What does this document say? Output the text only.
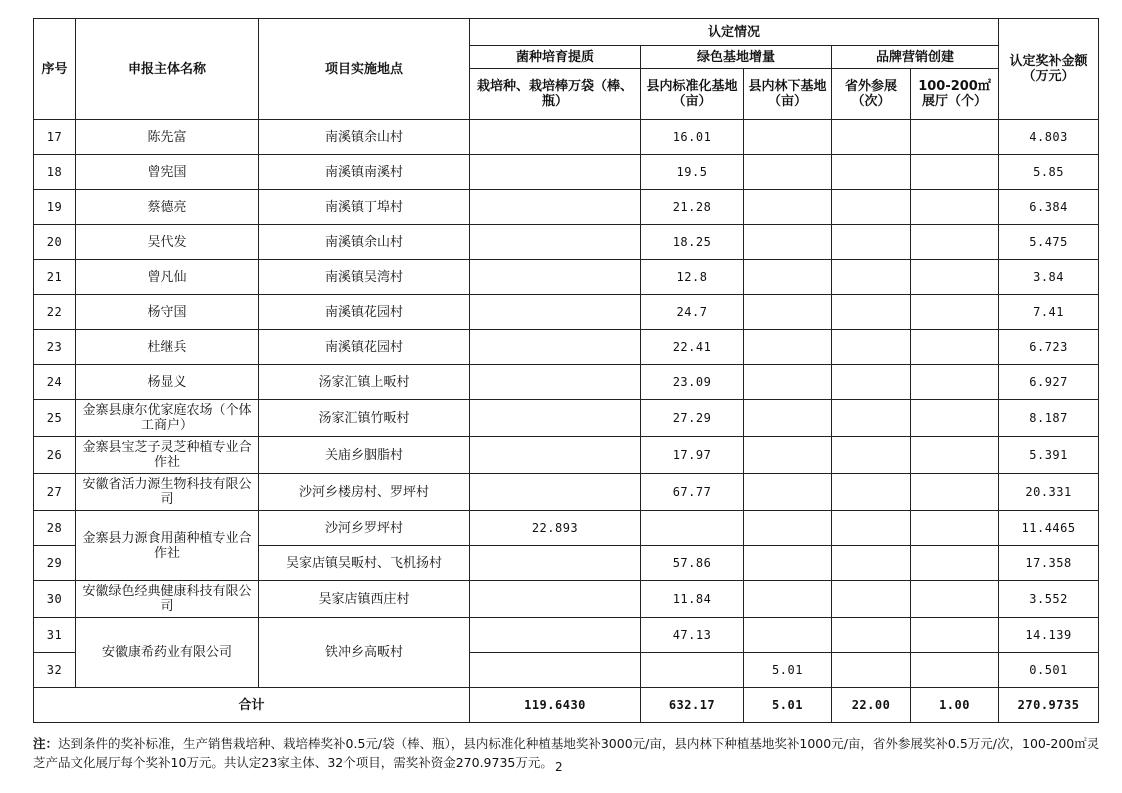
序号	申报主体名称	项目实施地点	认定情况					认定奖补金额（万元）
			菌种培育提质	绿色基地增量		品牌营销创建		
			栽培种、栽培棒万袋（棒、瓶）	县内标准化基地（亩）	县内林下基地（亩）	省外参展（次）	100-200㎡展厅（个）	
17	陈先富	南溪镇余山村		16.01				4.803
18	曾宪国	南溪镇南溪村		19.5				5.85
19	蔡德亮	南溪镇丁埠村		21.28				6.384
20	吴代发	南溪镇余山村		18.25				5.475
21	曾凡仙	南溪镇吴湾村		12.8				3.84
22	杨守国	南溪镇花园村		24.7				7.41
23	杜继兵	南溪镇花园村		22.41				6.723
24	杨显义	汤家汇镇上畈村		23.09				6.927
25	金寨县康尔优家庭农场（个体工商户）	汤家汇镇竹畈村		27.29				8.187
26	金寨县宝芝子灵芝种植专业合作社	关庙乡胭脂村		17.97				5.391
27	安徽省活力源生物科技有限公司	沙河乡楼房村、罗坪村		67.77				20.331
28	金寨县力源食用菌种植专业合作社	沙河乡罗坪村	22.893					11.4465
29		吴家店镇吴畈村、飞机扬村		57.86				17.358
30	安徽绿色经典健康科技有限公司	吴家店镇西庄村		11.84				3.552
31	安徽康希药业有限公司	铁冲乡高畈村		47.13				14.139
32					5.01			0.501
合计			119.6430	632.17	5.01	22.00	1.00	270.9735
注：达到条件的奖补标准，生产销售栽培种、栽培棒奖补0.5元/袋（棒、瓶），县内标准化种植基地奖补3000元/亩，县内林下种植基地奖补1000元/亩，省外参展奖补0.5万元/次，100-200㎡灵芝产品文化展厅每个奖补10万元。共认定23家主体、32个项目，需奖补资金270.9735万元。 2
